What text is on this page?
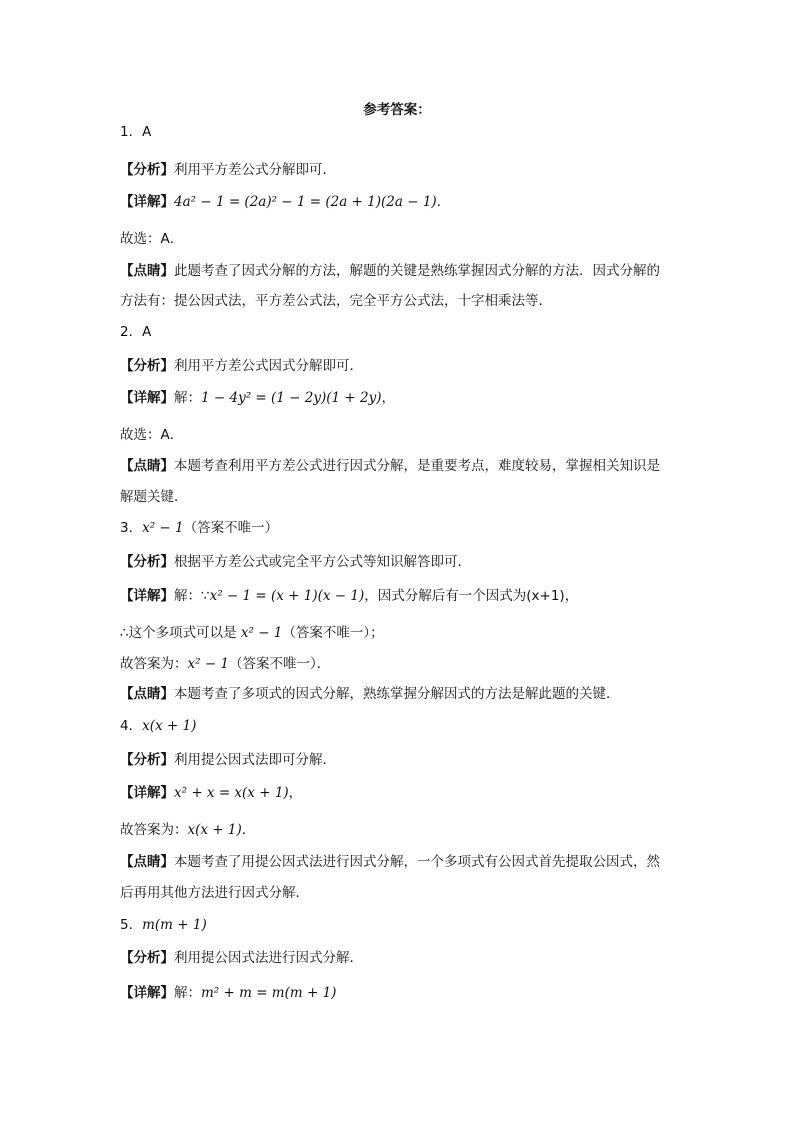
参考答案：
1．A
【分析】利用平方差公式分解即可．
【详解】4a² − 1 = (2a)² − 1 = (2a + 1)(2a − 1)．
故选：A．
【点睛】此题考查了因式分解的方法，解题的关键是熟练掌握因式分解的方法．因式分解的
方法有：提公因式法，平方差公式法，完全平方公式法，十字相乘法等．
2．A
【分析】利用平方差公式因式分解即可．
【详解】解：1 − 4y² = (1 − 2y)(1 + 2y)，
故选：A．
【点睛】本题考查利用平方差公式进行因式分解，是重要考点，难度较易，掌握相关知识是
解题关键．
3．x² − 1（答案不唯一）
【分析】根据平方差公式或完全平方公式等知识解答即可．
【详解】解：∵x² − 1 = (x + 1)(x − 1)，因式分解后有一个因式为(x+1)，
∴这个多项式可以是 x² − 1（答案不唯一）；
故答案为：x² − 1（答案不唯一）．
【点睛】本题考查了多项式的因式分解，熟练掌握分解因式的方法是解此题的关键．
4．x(x + 1)
【分析】利用提公因式法即可分解．
【详解】x² + x = x(x + 1)，
故答案为：x(x + 1)．
【点睛】本题考查了用提公因式法进行因式分解，一个多项式有公因式首先提取公因式，然
后再用其他方法进行因式分解．
5．m(m + 1)
【分析】利用提公因式法进行因式分解．
【详解】解：m² + m = m(m + 1)
